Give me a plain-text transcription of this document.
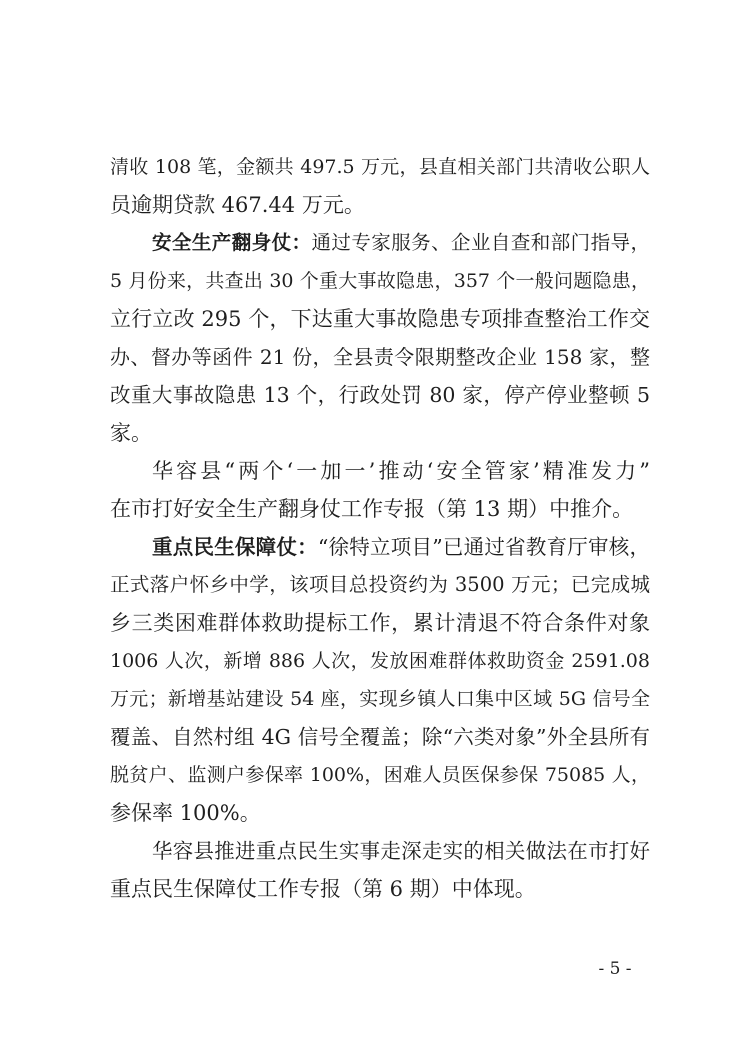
清收 108 笔，金额共 497.5 万元，县直相关部门共清收公职人
员逾期贷款 467.44 万元。
安全生产翻身仗：通过专家服务、企业自查和部门指导，
5 月份来，共查出 30 个重大事故隐患，357 个一般问题隐患，
立行立改 295 个，下达重大事故隐患专项排查整治工作交
办、督办等函件 21 份，全县责令限期整改企业 158 家，整
改重大事故隐患 13 个，行政处罚 80 家，停产停业整顿 5
家。
华容县“两个‘一加一’推动‘安全管家’精准发力”
在市打好安全生产翻身仗工作专报（第 13 期）中推介。
重点民生保障仗：“徐特立项目”已通过省教育厅审核，
正式落户怀乡中学，该项目总投资约为 3500 万元；已完成城
乡三类困难群体救助提标工作，累计清退不符合条件对象
1006 人次，新增 886 人次，发放困难群体救助资金 2591.08
万元；新增基站建设 54 座，实现乡镇人口集中区域 5G 信号全
覆盖、自然村组 4G 信号全覆盖；除“六类对象”外全县所有
脱贫户、监测户参保率 100%，困难人员医保参保 75085 人，
参保率 100%。
华容县推进重点民生实事走深走实的相关做法在市打好
重点民生保障仗工作专报（第 6 期）中体现。
- 5 -
